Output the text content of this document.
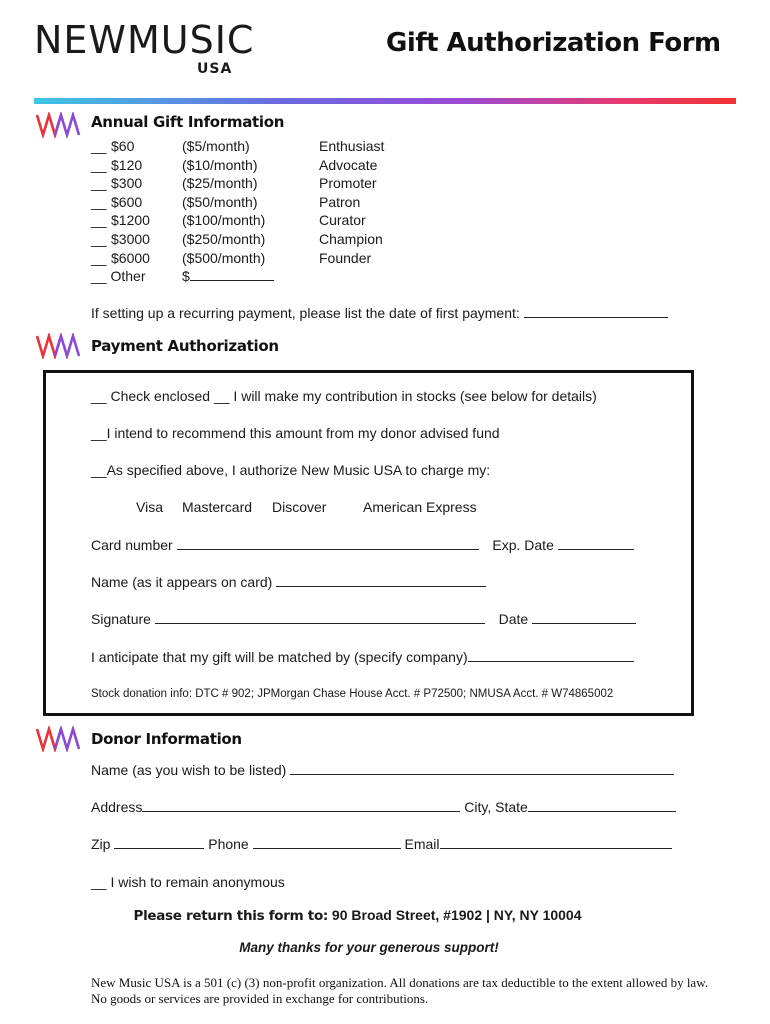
NEWMUSIC
USA
Gift Authorization Form
Annual Gift Information
__ $60	($5/month)	Enthusiast
__ $120	($10/month)	Advocate
__ $300	($25/month)	Promoter
__ $600	($50/month)	Patron
__ $1200 ($100/month)	Curator
__ $3000 ($250/month)	Champion
__ $6000 ($500/month)	Founder
__ Other	$
If setting up a recurring payment, please list the date of first payment:
Payment Authorization
__ Check enclosed __ I will make my contribution in stocks (see below for details)
__I intend to recommend this amount from my donor advised fund
__As specified above, I authorize New Music USA to charge my:
Visa Mastercard Discover	American Express
Card number	Exp. Date
Name (as it appears on card)
Signature	Date
I anticipate that my gift will be matched by (specify company)
Stock donation info: DTC # 902; JPMorgan Chase House Acct. # P72500; NMUSA Acct. # W74865002
Donor Information
Name (as you wish to be listed)
Address	City, State
Zip	Phone	Email
__ I wish to remain anonymous
Please return this form to: 90 Broad Street, #1902 | NY, NY 10004
Many thanks for your generous support!
New Music USA is a 501 (c) (3) non-profit organization. All donations are tax deductible to the extent allowed by law. No goods or services are provided in exchange for contributions.
